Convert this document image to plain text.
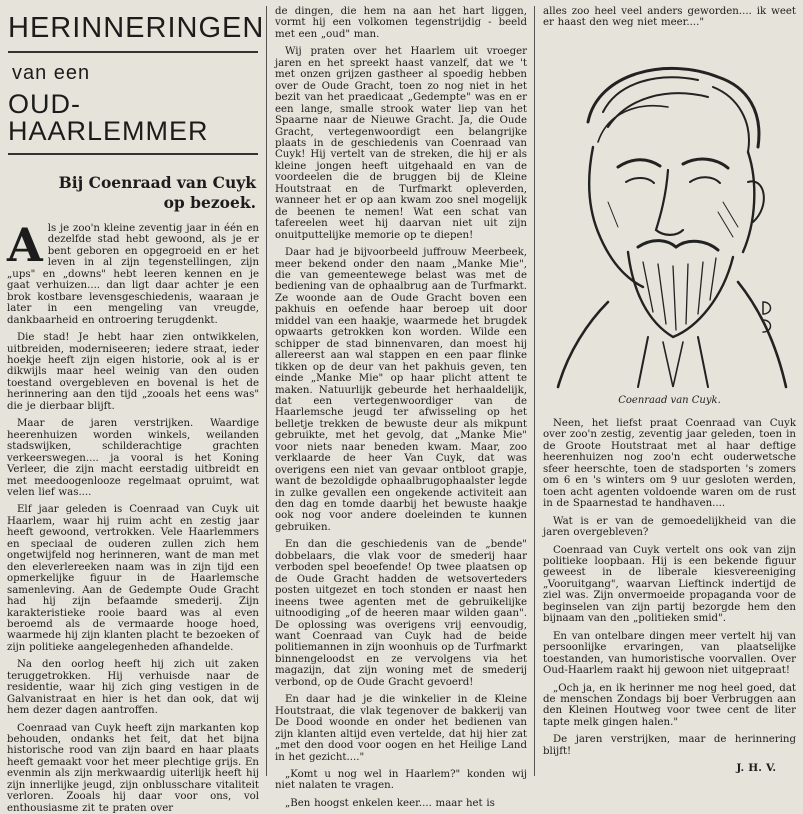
HERINNERINGEN
van een
OUD-HAARLEMMER
Bij Coenraad van Cuyk op bezoek.

Als je zoo'n kleine zeventig jaar in één en dezelfde stad hebt gewoond, als je er bent geboren en opgegroeid en er het leven in al zijn tegenstellingen, zijn „ups" en „downs" hebt leeren kennen en je gaat verhuizen.... dan ligt daar achter je een brok kostbare levensgeschiedenis, waaraan je later in een mengeling van vreugde, dankbaarheid en ontroering terugdenkt.

Die stad! Je hebt haar zien ontwikkelen, uitbreiden, moderniseeren; iedere straat, ieder hoekje heeft zijn eigen historie, ook al is er dikwijls maar heel weinig van den ouden toestand overgebleven en bovenal is het de herinnering aan den tijd „zooals het eens was" die je dierbaar blijft.

Maar de jaren verstrijken. Waardige heerenhuizen worden winkels, weilanden stadswijken, schilderachtige grachten verkeerswegen.... ja vooral is het Koning Verleer, die zijn macht eerstadig uitbreidt en met meedoogenlooze regelmaat opruimt, wat velen lief was....

Elf jaar geleden is Coenraad van Cuyk uit Haarlem, waar hij ruim acht en zestig jaar heeft gewoond, vertrokken. Vele Haarlemmers en speciaal de ouderen zullen zich hem ongetwijfeld nog herinneren, want de man met den eleverlereeken naam was in zijn tijd een opmerkelijke figuur in de Haarlemsche samenleving. Aan de Gedempte Oude Gracht had hij zijn befaamde smederij. Zijn karakteristieke rooie baard was al even beroemd als de vermaarde hooge hoed, waarmede hij zijn klanten placht te bezoeken of zijn politieke aangelegenheden afhandelde.

Na den oorlog heeft hij zich uit zaken teruggetrokken. Hij verhuisde naar de residentie, waar hij zich ging vestigen in de Galvanistraat en hier is het dan ook, dat wij hem dezer dagen aantroffen.

Coenraad van Cuyk heeft zijn markanten kop behouden, ondanks het feit, dat het bijna historische rood van zijn baard en haar plaats heeft gemaakt voor het meer plechtige grijs. En evenmin als zijn merkwaardig uiterlijk heeft hij zijn innerlijke jeugd, zijn onblusschare vitaliteit verloren. Zooals hij daar voor ons, vol enthousiasme zit te praten over

de dingen, die hem na aan het hart liggen, vormt hij een volkomen tegenstrijdig - beeld met een „oud" man.

Wij praten over het Haarlem uit vroeger jaren en het spreekt haast vanzelf, dat we 't met onzen grijzen gastheer al spoedig hebben over de Oude Gracht, toen zo nog niet in het bezit van het praedicaat „Gedempte" was en er een lange, smalle strook water liep van het Spaarne naar de Nieuwe Gracht. Ja, die Oude Gracht, vertegenwoordigt een belangrijke plaats in de geschiedenis van Coenraad van Cuyk! Hij vertelt van de streken, die hij er als kleine jongen heeft uitgehaald en van de voordeelen die de bruggen bij de Kleine Houtstraat en de Turfmarkt opleverden, wanneer het er op aan kwam zoo snel mogelijk de beenen te nemen! Wat een schat van tafereelen weet hij daarvan niet uit zijn onuitputtelijke memorie op te diepen!

Daar had je bijvoorbeeld juffrouw Meerbeek, meer bekend onder den naam „Manke Mie", die van gemeentewege belast was met de bediening van de ophaalbrug aan de Turfmarkt. Ze woonde aan de Oude Gracht boven een pakhuis en oefende haar beroep uit door middel van een haakje, waarmede het brugdek opwaarts getrokken kon worden. Wilde een schipper de stad binnenvaren, dan moest hij allereerst aan wal stappen en een paar flinke tikken op de deur van het pakhuis geven, ten einde „Manke Mie" op haar plicht attent te maken. Natuurlijk gebeurde het herhaaldelijk, dat een vertegenwoordiger van de Haarlemsche jeugd ter afwisseling op het belletje trekken de bewuste deur als mikpunt gebruikte, met het gevolg, dat „Manke Mie" voor niets naar beneden kwam. Maar, zoo verklaarde de heer Van Cuyk, dat was overigens een niet van gevaar ontbloot grapje, want de bezoldigde ophaalbrugophaalster legde in zulke gevallen een ongekende activiteit aan den dag en tomde daarbij het bewuste haakje ook nog voor andere doeleinden te kunnen gebruiken.

En dan die geschiedenis van de „bende" dobbelaars, die vlak voor de smederij haar verboden spel beoefende! Op twee plaatsen op de Oude Gracht hadden de wetsoverteders posten uitgezet en toch stonden er naast hen ineens twee agenten met de gebruikelijke uitnoodiging „of de heeren maar wilden gaan". De oplossing was overigens vrij eenvoudig, want Coenraad van Cuyk had de beide politiemannen in zijn woonhuis op de Turfmarkt binnengeloodst en ze vervolgens via het magazijn, dat zijn woning met de smederij verbond, op de Oude Gracht gevoerd!

En daar had je die winkelier in de Kleine Houtstraat, die vlak tegenover de bakkerij van De Dood woonde en onder het bedienen van zijn klanten altijd even vertelde, dat hij hier zat „met den dood voor oogen en het Heilige Land in het gezicht...."

„Komt u nog wel in Haarlem?" konden wij niet nalaten te vragen.

„Ben hoogst enkelen keer.... maar het is

alles zoo heel veel anders geworden.... ik weet er haast den weg niet meer...."

Coenraad van Cuyk.

Neen, het liefst praat Coenraad van Cuyk over zoo'n zestig, zeventig jaar geleden, toen in de Groote Houtstraat met al haar deftige heerenhuizen nog zoo'n echt ouderwetsche sfeer heerschte, toen de stadsporten 's zomers om 6 en 's winters om 9 uur gesloten werden, toen acht agenten voldoende waren om de rust in de Spaarnestad te handhaven....

Wat is er van de gemoedelijkheid van die jaren overgebleven?

Coenraad van Cuyk vertelt ons ook van zijn politieke loopbaan. Hij is een bekende figuur geweest in de liberale kiesvereeniging „Vooruitgang", waarvan Lieftinck indertijd de ziel was. Zijn onvermoeide propaganda voor de beginselen van zijn partij bezorgde hem den bijnaam van den „politieken smid".

En van ontelbare dingen meer vertelt hij van persoonlijke ervaringen, van plaatselijke toestanden, van humoristische voorvallen. Over Oud-Haarlem raakt hij gewoon niet uitgepraat!

„Och ja, en ik herinner me nog heel goed, dat de menschen Zondags bij boer Verbruggen aan den Kleinen Houtweg voor twee cent de liter tapte melk gingen halen."

De jaren verstrijken, maar de herinnering blijft!

J. H. V.
